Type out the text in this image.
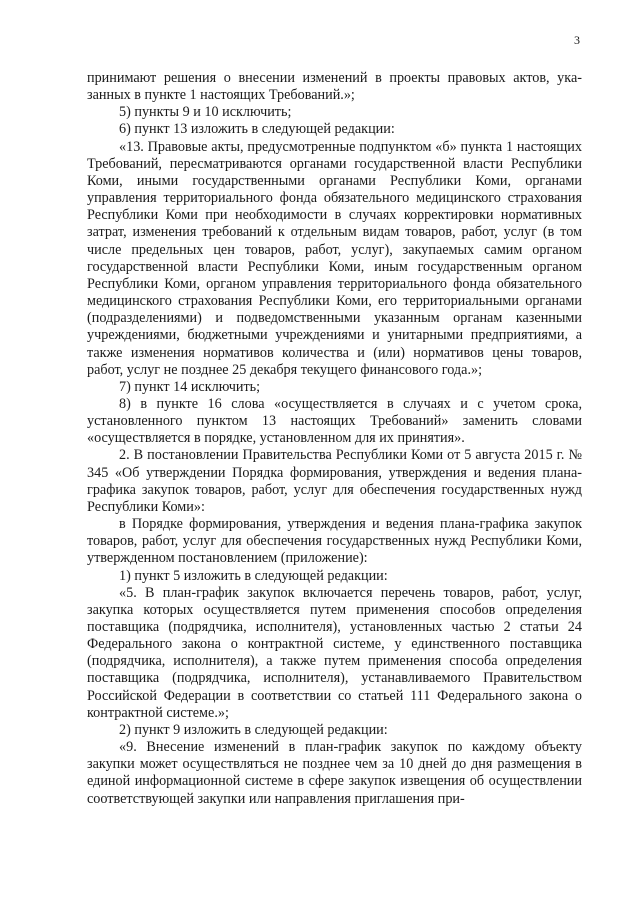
3

принимают решения о внесении изменений в проекты правовых актов, указанных в пункте 1 настоящих Требований.»;

5) пункты 9 и 10 исключить;

6) пункт 13 изложить в следующей редакции:

«13. Правовые акты, предусмотренные подпунктом «б» пункта 1 настоящих Требований, пересматриваются органами государственной власти Республики Коми, иными государственными органами Республики Коми, органами управления территориального фонда обязательного медицинского страхования Республики Коми при необходимости в случаях корректировки нормативных затрат, изменения требований к отдельным видам товаров, работ, услуг (в том числе предельных цен товаров, работ, услуг), закупаемых самим органом государственной власти Республики Коми, иным государственным органом Республики Коми, органом управления территориального фонда обязательного медицинского страхования Республики Коми, его территориальными органами (подразделениями) и подведомственными указанным органам казенными учреждениями, бюджетными учреждениями и унитарными предприятиями, а также изменения нормативов количества и (или) нормативов цены товаров, работ, услуг не позднее 25 декабря текущего финансового года.»;

7) пункт 14 исключить;

8) в пункте 16 слова «осуществляется в случаях и с учетом срока, установленного пунктом 13 настоящих Требований» заменить словами «осуществляется в порядке, установленном для их принятия».

2. В постановлении Правительства Республики Коми от 5 августа 2015 г. № 345 «Об утверждении Порядка формирования, утверждения и ведения плана-графика закупок товаров, работ, услуг для обеспечения государственных нужд Республики Коми»:

в Порядке формирования, утверждения и ведения плана-графика закупок товаров, работ, услуг для обеспечения государственных нужд Республики Коми, утвержденном постановлением (приложение):

1) пункт 5 изложить в следующей редакции:

«5. В план-график закупок включается перечень товаров, работ, услуг, закупка которых осуществляется путем применения способов определения поставщика (подрядчика, исполнителя), установленных частью 2 статьи 24 Федерального закона о контрактной системе, у единственного поставщика (подрядчика, исполнителя), а также путем применения способа определения поставщика (подрядчика, исполнителя), устанавливаемого Правительством Российской Федерации в соответствии со статьей 111 Федерального закона о контрактной системе.»;

2) пункт 9 изложить в следующей редакции:

«9. Внесение изменений в план-график закупок по каждому объекту закупки может осуществляться не позднее чем за 10 дней до дня размещения в единой информационной системе в сфере закупок извещения об осуществлении соответствующей закупки или направления приглашения при-
